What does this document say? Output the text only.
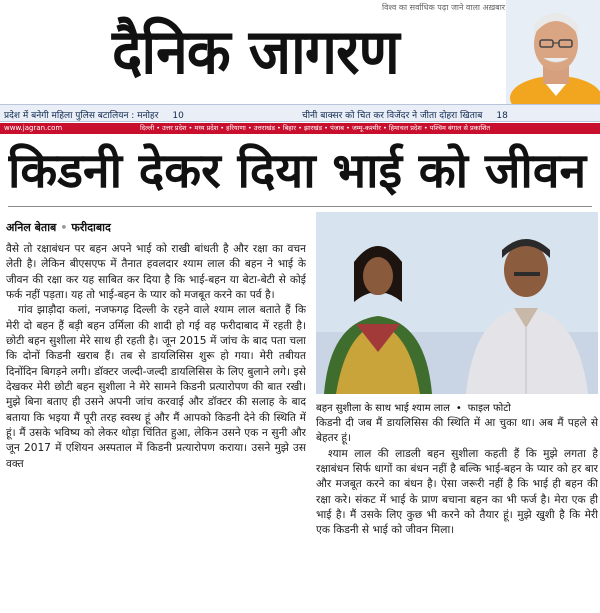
विश्व का सर्वाधिक पढ़ा जाने वाला अख़बार
दैनिक जागरण
प्रदेश में बनेगी महिला पुलिस बटालियन : मनोहर 10	चीनी बाक्सर को चित कर विजेंदर ने जीता दोहरा खिताब 18
www.jagran.com	दिल्ली • उत्तर प्रदेश • मध्य प्रदेश • हरियाणा • उत्तराखंड • बिहार • झारखंड • पंजाब • जम्मू-कश्मीर • हिमाचल प्रदेश • पश्चिम बंगाल से प्रकाशित
किडनी देकर दिया भाई को जीवन
अनिल बेताब • फरीदाबाद

वैसे तो रक्षाबंधन पर बहन अपने भाई को राखी बांधती है और रक्षा का वचन लेती है। लेकिन बीएसएफ में तैनात हवलदार श्याम लाल की बहन ने भाई के जीवन की रक्षा कर यह साबित कर दिया है कि भाई-बहन या बेटा-बेटी से कोई फर्क नहीं पड़ता। यह तो भाई-बहन के प्यार को मजबूत करने का पर्व है।

गांव झाड़ौदा कलां, नजफगढ़ दिल्ली के रहने वाले श्याम लाल बताते हैं कि मेरी दो बहन हैं बड़ी बहन उर्मिला की शादी हो गई वह फरीदाबाद में रहती है। छोटी बहन सुशीला मेरे साथ ही रहती है। जून 2015 में जांच के बाद पता चला कि दोनों किडनी खराब हैं। तब से डायलिसिस शुरू हो गया। मेरी तबीयत दिनोंदिन बिगड़ने लगी। डॉक्टर जल्दी-जल्दी डायलिसिस के लिए बुलाने लगे। इसे देखकर मेरी छोटी बहन सुशीला ने मेरे सामने किडनी प्रत्यारोपण की बात रखी। मुझे बिना बताए ही उसने अपनी जांच करवाई और डॉक्टर की सलाह के बाद बताया कि भइया मैं पूरी तरह स्वस्थ हूं और मैं आपको किडनी देने की स्थिति में हूं। मैं उसके भविष्य को लेकर थोड़ा चिंतित हुआ, लेकिन उसने एक न सुनी और जून 2017 में एशियन अस्पताल में किडनी प्रत्यारोपण कराया। उसने मुझे उस वक्त

बहन सुशीला के साथ भाई श्याम लाल • फाइल फोटो

किडनी दी जब मैं डायलिसिस की स्थिति में आ चुका था। अब मैं पहले से बेहतर हूं।

श्याम लाल की लाडली बहन सुशीला कहती हैं कि मुझे लगता है रक्षाबंधन सिर्फ धागों का बंधन नहीं है बल्कि भाई-बहन के प्यार को हर बार और मजबूत करने का बंधन है। ऐसा जरूरी नहीं है कि भाई ही बहन की रक्षा करे। संकट में भाई के प्राण बचाना बहन का भी फर्ज है। मेरा एक ही भाई है। मैं उसके लिए कुछ भी करने को तैयार हूं। मुझे खुशी है कि मेरी एक किडनी से भाई को जीवन मिला।
